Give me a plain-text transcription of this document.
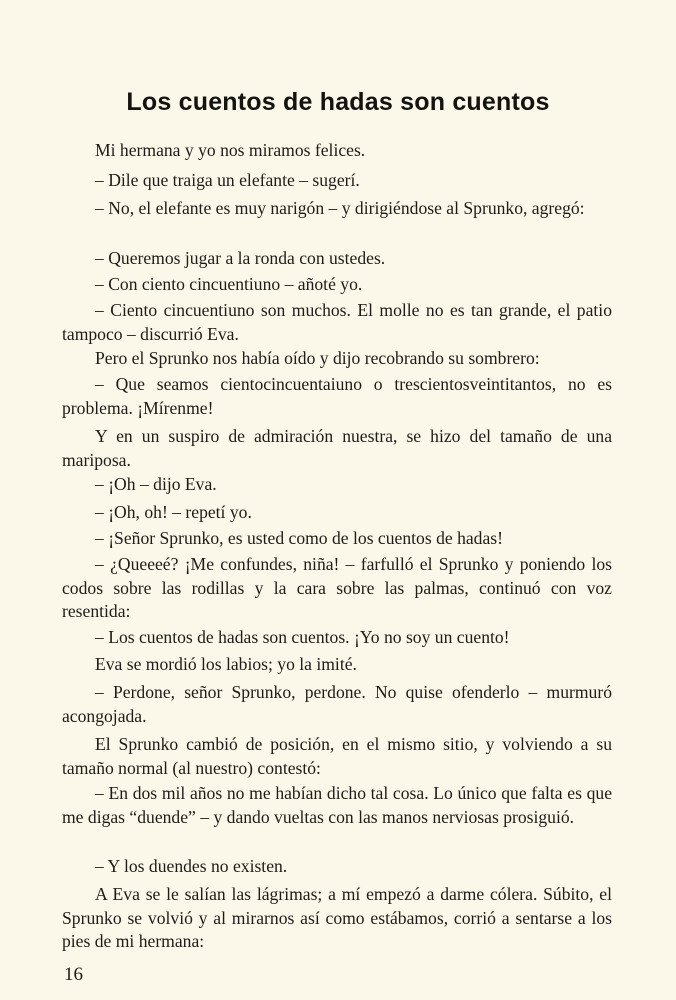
Los cuentos de hadas son cuentos

Mi hermana y yo nos miramos felices.

– Dile que traiga un elefante – sugerí.

– No, el elefante es muy narigón – y dirigiéndose al Sprunko, agregó:

– Queremos jugar a la ronda con ustedes.

– Con ciento cincuentiuno – añoté yo.

– Ciento cincuentiuno son muchos. El molle no es tan grande, el patio tampoco – discurrió Eva.

Pero el Sprunko nos había oído y dijo recobrando su sombrero:

– Que seamos cientocincuentaiuno o trescientosveintitantos, no es problema. ¡Mírenme!

Y en un suspiro de admiración nuestra, se hizo del tamaño de una mariposa.

– ¡Oh – dijo Eva.

– ¡Oh, oh! – repetí yo.

– ¡Señor Sprunko, es usted como de los cuentos de hadas!

– ¿Queeeé? ¡Me confundes, niña! – farfulló el Sprunko y poniendo los codos sobre las rodillas y la cara sobre las palmas, continuó con voz resentida:

– Los cuentos de hadas son cuentos. ¡Yo no soy un cuento!

Eva se mordió los labios; yo la imité.

– Perdone, señor Sprunko, perdone. No quise ofenderlo – murmuró acongojada.

El Sprunko cambió de posición, en el mismo sitio, y volviendo a su tamaño normal (al nuestro) contestó:

– En dos mil años no me habían dicho tal cosa. Lo único que falta es que me digas “duende” – y dando vueltas con las manos nerviosas prosiguió.

– Y los duendes no existen.

A Eva se le salían las lágrimas; a mí empezó a darme cólera. Súbito, el Sprunko se volvió y al mirarnos así como estábamos, corrió a sentarse a los pies de mi hermana:

16
